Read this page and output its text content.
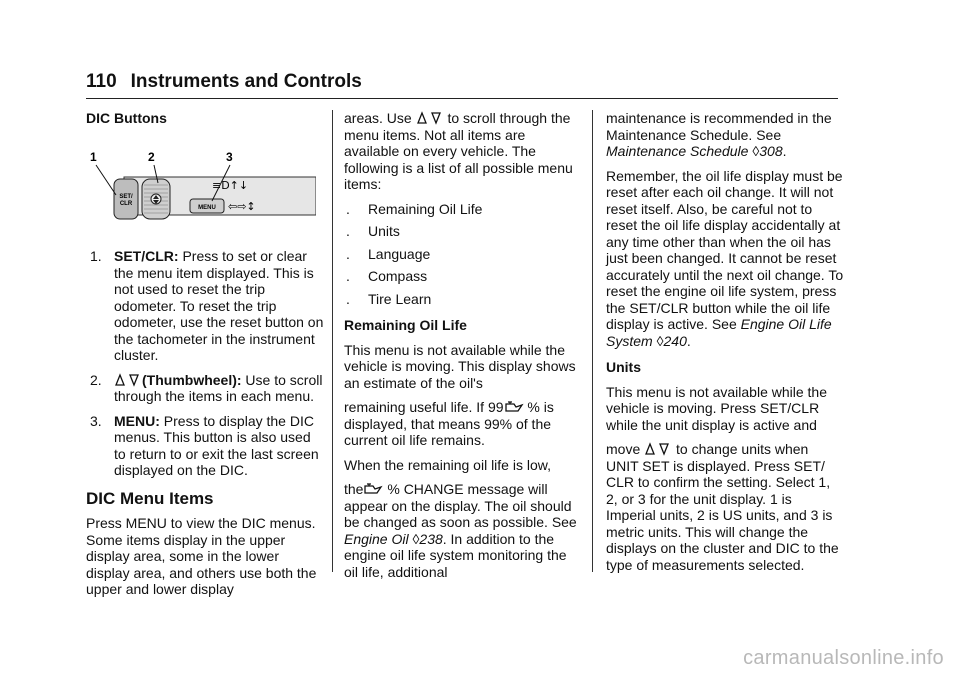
110 Instruments and Controls
DIC Buttons
SET/
CLR
MENU
≡D↑↓
⇦⇨↕
1	2	3
1. SET/CLR: Press to set or clear the menu item displayed. This is not used to reset the trip odometer. To reset the trip odometer, use the reset button on the tachometer in the instrument cluster.
2.	(Thumbwheel): Use to scroll through the items in each menu.
3. MENU: Press to display the DIC menus. This button is also used to return to or exit the last screen displayed on the DIC.
DIC Menu Items

Press MENU to view the DIC menus. Some items display in the upper display area, some in the lower display area, and others use both the upper and lower display

areas. Use	to scroll through the menu items. Not all items are available on every vehicle. The following is a list of all possible menu items:

. Remaining Oil Life
. Units
. Language
. Compass
. Tire Learn
Remaining Oil Life

This menu is not available while the vehicle is moving. This display shows an estimate of the oil's

remaining useful life. If 99 % is displayed, that means 99% of the current oil life remains.

When the remaining oil life is low,

the % CHANGE message will appear on the display. The oil should be changed as soon as possible. See Engine Oil ◊238. In addition to the engine oil life system monitoring the oil life, additional

maintenance is recommended in the Maintenance Schedule. See Maintenance Schedule ◊308.

Remember, the oil life display must be reset after each oil change. It will not reset itself. Also, be careful not to reset the oil life display accidentally at any time other than when the oil has just been changed. It cannot be reset accurately until the next oil change. To reset the engine oil life system, press the SET/CLR button while the oil life display is active. See Engine Oil Life System ◊240.

Units

This menu is not available while the vehicle is moving. Press SET/CLR while the unit display is active and

move	to change units when UNIT SET is displayed. Press SET/ CLR to confirm the setting. Select 1, 2, or 3 for the unit display. 1 is Imperial units, 2 is US units, and 3 is metric units. This will change the displays on the cluster and DIC to the type of measurements selected.

carmanualsonline.info
